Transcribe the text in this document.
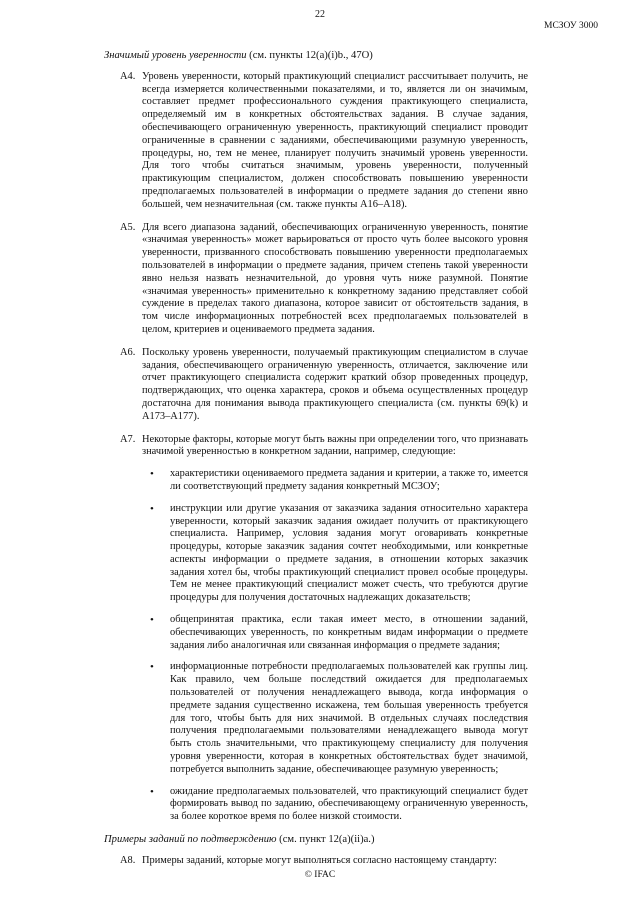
22
МСЗОУ 3000
Значимый уровень уверенности (см. пункты 12(a)(i)b., 47O)
A4. Уровень уверенности, который практикующий специалист рассчитывает получить, не всегда измеряется количественными показателями, и то, является ли он значимым, составляет предмет профессионального суждения практикующего специалиста, определяемый им в конкретных обстоятельствах задания. В случае задания, обеспечивающего ограниченную уверенность, практикующий специалист проводит ограниченные в сравнении с заданиями, обеспечивающими разумную уверенность, процедуры, но, тем не менее, планирует получить значимый уровень уверенности. Для того чтобы считаться значимым, уровень уверенности, полученный практикующим специалистом, должен способствовать повышению уверенности предполагаемых пользователей в информации о предмете задания до степени явно большей, чем незначительная (см. также пункты A16–A18).
A5. Для всего диапазона заданий, обеспечивающих ограниченную уверенность, понятие «значимая уверенность» может варьироваться от просто чуть более высокого уровня уверенности, призванного способствовать повышению уверенности предполагаемых пользователей в информации о предмете задания, причем степень такой уверенности явно нельзя назвать незначительной, до уровня чуть ниже разумной. Понятие «значимая уверенность» применительно к конкретному заданию представляет собой суждение в пределах такого диапазона, которое зависит от обстоятельств задания, в том числе информационных потребностей всех предполагаемых пользователей в целом, критериев и оцениваемого предмета задания.
A6. Поскольку уровень уверенности, получаемый практикующим специалистом в случае задания, обеспечивающего ограниченную уверенность, отличается, заключение или отчет практикующего специалиста содержит краткий обзор проведенных процедур, подтверждающих, что оценка характера, сроков и объема осуществленных процедур достаточна для понимания вывода практикующего специалиста (см. пункты 69(k) и A173–A177).
A7. Некоторые факторы, которые могут быть важны при определении того, что признавать значимой уверенностью в конкретном задании, например, следующие:
•	характеристики оцениваемого предмета задания и критерии, а также то, имеется ли соответствующий предмету задания конкретный МСЗОУ;
•	инструкции или другие указания от заказчика задания относительно характера уверенности, который заказчик задания ожидает получить от практикующего специалиста. Например, условия задания могут оговаривать конкретные процедуры, которые заказчик задания сочтет необходимыми, или конкретные аспекты информации о предмете задания, в отношении которых заказчик задания хотел бы, чтобы практикующий специалист провел особые процедуры. Тем не менее практикующий специалист может счесть, что требуются другие процедуры для получения достаточных надлежащих доказательств;
•	общепринятая практика, если такая имеет место, в отношении заданий, обеспечивающих уверенность, по конкретным видам информации о предмете задания либо аналогичная или связанная информация о предмете задания;
•	информационные потребности предполагаемых пользователей как группы лиц. Как правило, чем больше последствий ожидается для предполагаемых пользователей от получения ненадлежащего вывода, когда информация о предмете задания существенно искажена, тем большая уверенность требуется для того, чтобы быть для них значимой. В отдельных случаях последствия получения предполагаемыми пользователями ненадлежащего вывода могут быть столь значительными, что практикующему специалисту для получения уровня уверенности, которая в конкретных обстоятельствах будет значимой, потребуется выполнить задание, обеспечивающее разумную уверенность;
•	ожидание предполагаемых пользователей, что практикующий специалист будет формировать вывод по заданию, обеспечивающему ограниченную уверенность, за более короткое время по более низкой стоимости.
Примеры заданий по подтверждению (см. пункт 12(a)(ii)a.)
A8. Примеры заданий, которые могут выполняться согласно настоящему стандарту:
© IFAC
